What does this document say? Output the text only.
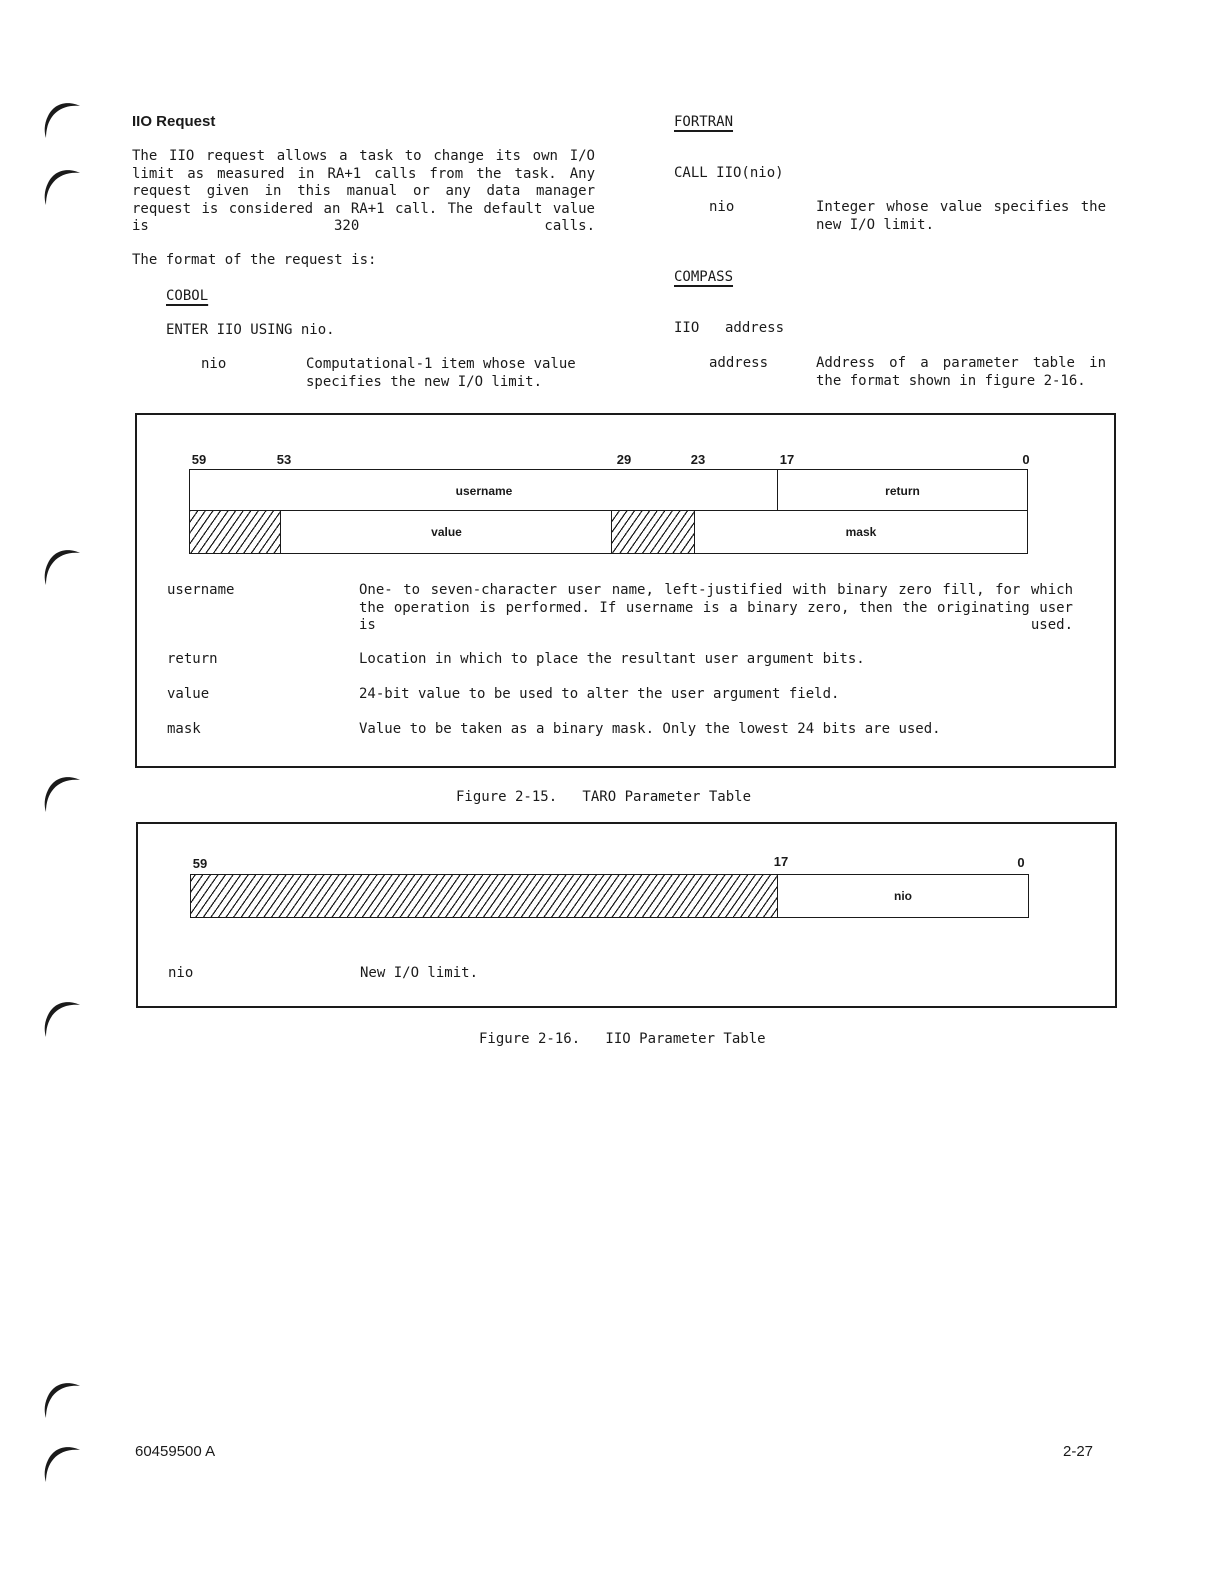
IIO Request
The IIO request allows a task to change its own I/O limit as measured in RA+1 calls from the task. Any request given in this manual or any data manager request is considered an RA+1 call. The default value is 320 calls.
The format of the request is:
COBOL
ENTER IIO USING nio.
nio	Computational-1 item whose value specifies the new I/O limit.
FORTRAN
CALL IIO(nio)
nio	Integer whose value specifies the new I/O limit.
COMPASS
IIO address
address	Address of a parameter table in the format shown in figure 2-16.
59	53	29	23	17	0
username	return
value	mask
username	One- to seven-character user name, left-justified with binary zero fill, for which the operation is performed. If username is a binary zero, then the originating user is used.
return	Location in which to place the resultant user argument bits.
value	24-bit value to be used to alter the user argument field.
mask	Value to be taken as a binary mask. Only the lowest 24 bits are used.
Figure 2-15.   TARO Parameter Table
59	17	0
nio
nio	New I/O limit.
Figure 2-16.   IIO Parameter Table
60459500 A	2-27
